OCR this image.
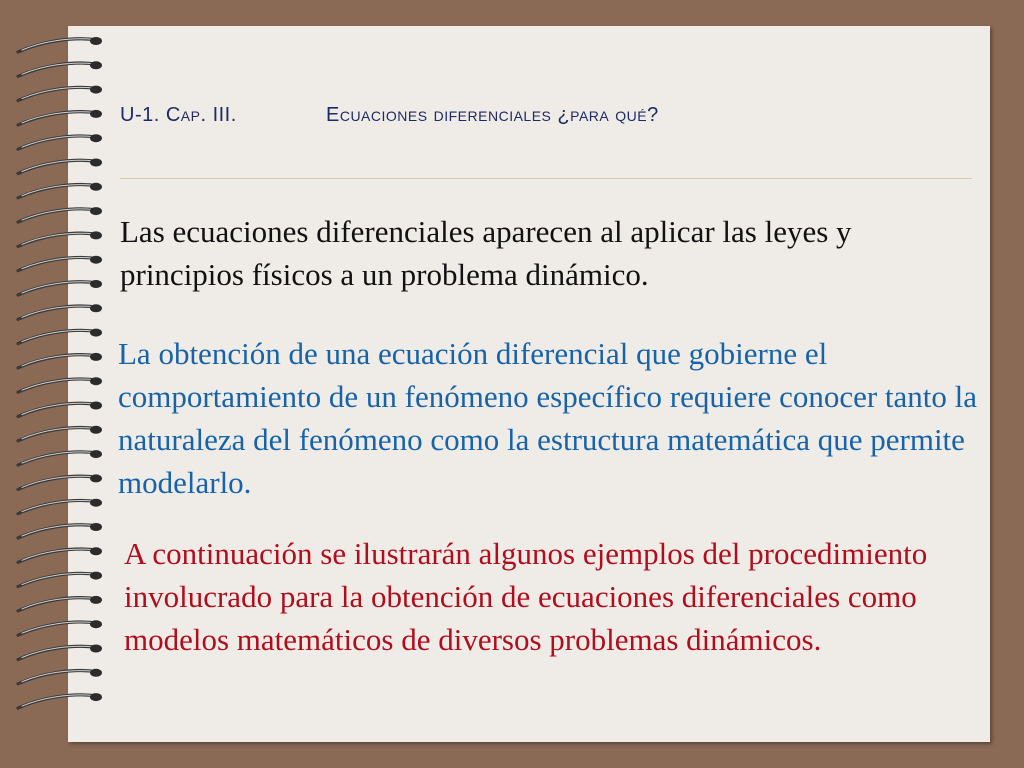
U-1. Cap. III.	Ecuaciones diferenciales ¿para qué?

Las ecuaciones diferenciales aparecen al aplicar las leyes y principios físicos a un problema dinámico.

La obtención de una ecuación diferencial que gobierne el comportamiento de un fenómeno específico requiere conocer tanto la naturaleza del fenómeno como la estructura matemática que permite modelarlo.

A continuación se ilustrarán algunos ejemplos del procedimiento involucrado para la obtención de ecuaciones diferenciales como modelos matemáticos de diversos problemas dinámicos.
